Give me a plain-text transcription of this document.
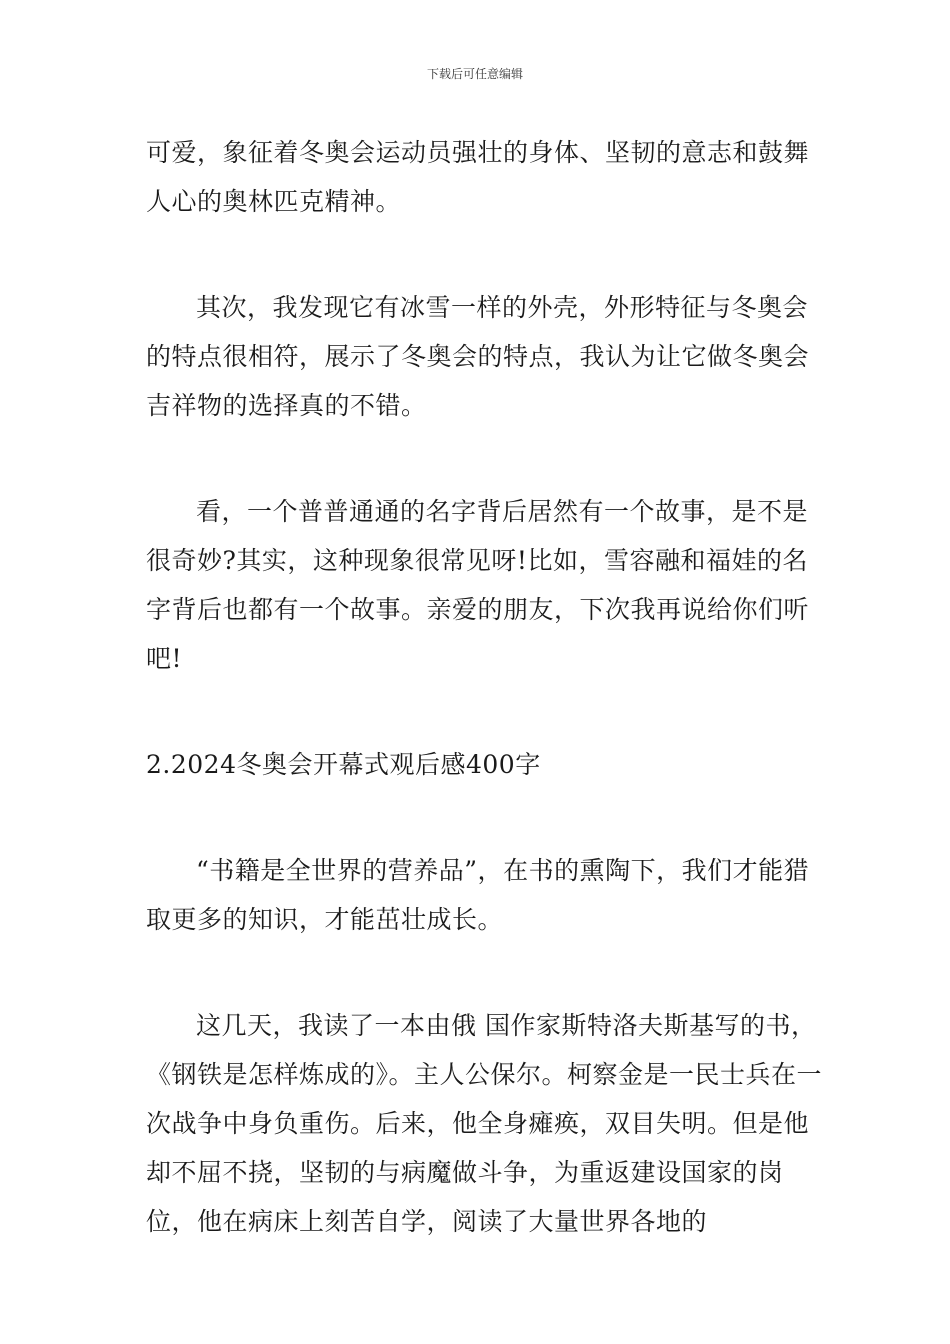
下载后可任意编辑

可爱，象征着冬奥会运动员强壮的身体、坚韧的意志和鼓舞人心的奥林匹克精神。

其次，我发现它有冰雪一样的外壳，外形特征与冬奥会的特点很相符，展示了冬奥会的特点，我认为让它做冬奥会吉祥物的选择真的不错。

看，一个普普通通的名字背后居然有一个故事，是不是很奇妙?其实，这种现象很常见呀!比如，雪容融和福娃的名字背后也都有一个故事。亲爱的朋友，下次我再说给你们听吧!

2.2024冬奥会开幕式观后感400字

“书籍是全世界的营养品”，在书的熏陶下，我们才能猎取更多的知识，才能茁壮成长。

这几天，我读了一本由俄 国作家斯特洛夫斯基写的书，《钢铁是怎样炼成的》。主人公保尔。柯察金是一民士兵在一次战争中身负重伤。后来，他全身瘫痪，双目失明。但是他却不屈不挠，坚韧的与病魔做斗争，为重返建设国家的岗位，他在病床上刻苦自学，阅读了大量世界各地的
